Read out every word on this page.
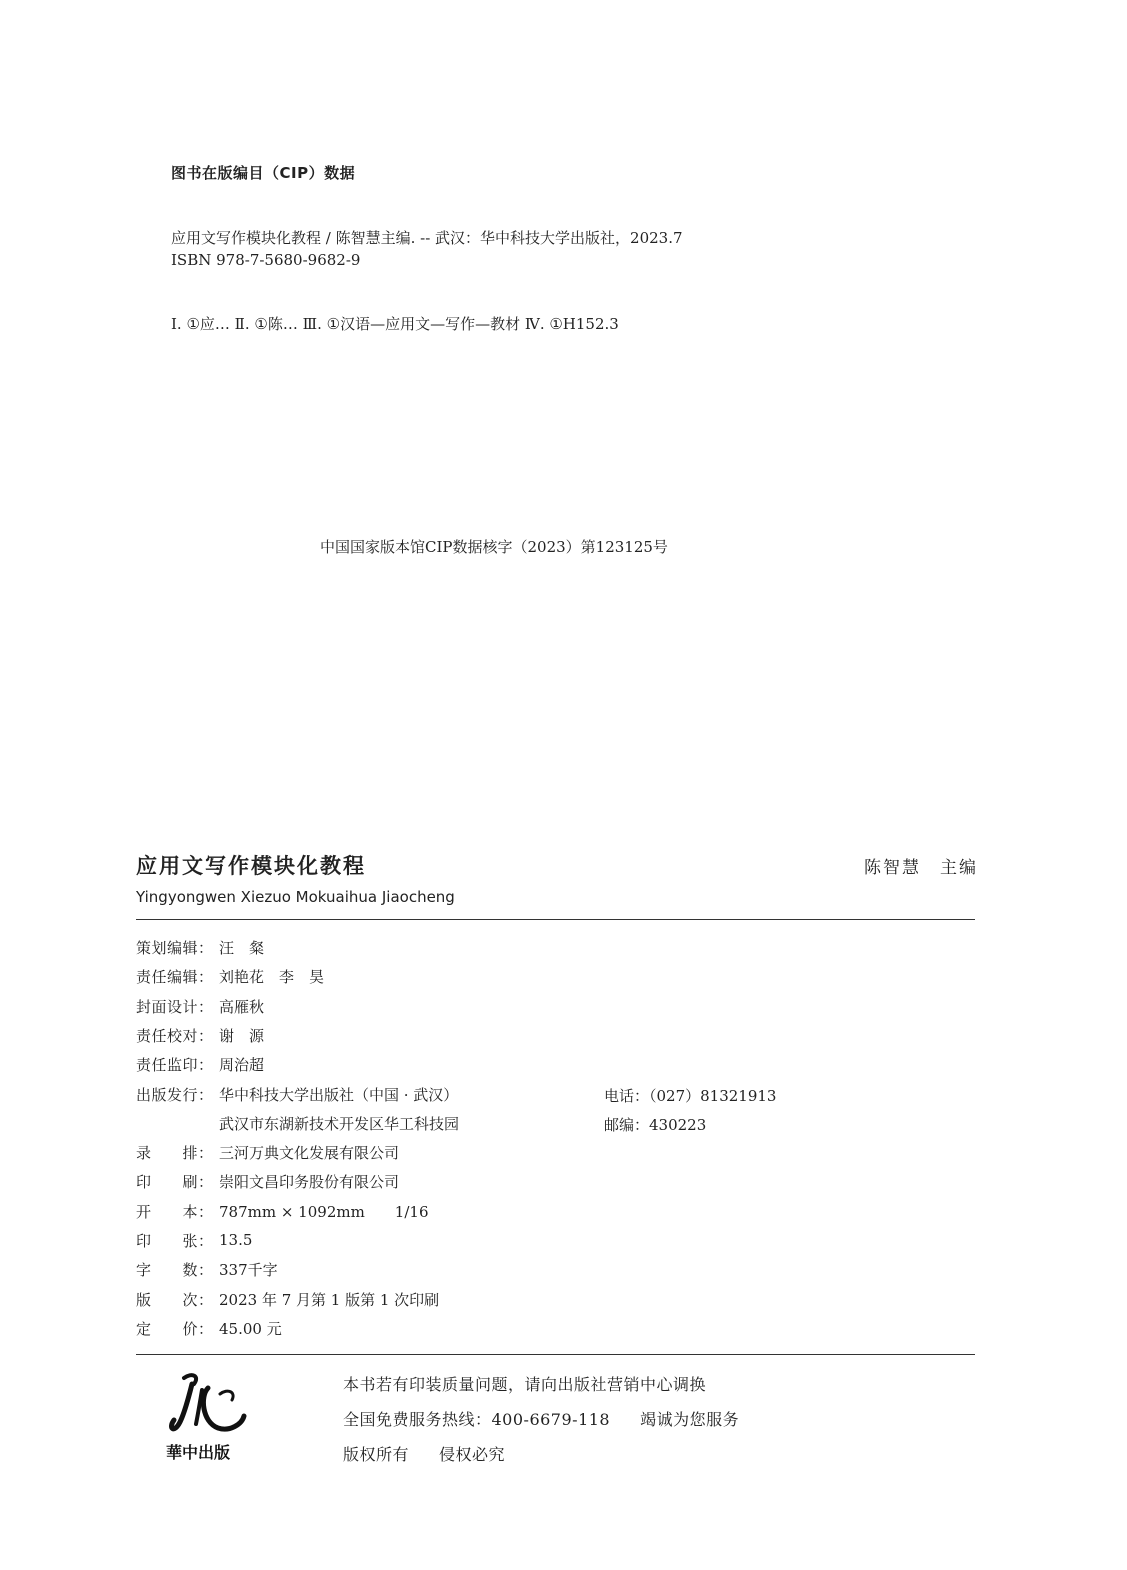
图书在版编目（CIP）数据
应用文写作模块化教程 / 陈智慧主编. -- 武汉：华中科技大学出版社，2023.7
ISBN 978-7-5680-9682-9
Ⅰ. ①应… Ⅱ. ①陈… Ⅲ. ①汉语—应用文—写作—教材 Ⅳ. ①H152.3
中国国家版本馆CIP数据核字（2023）第123125号
应用文写作模块化教程
Yingyongwen Xiezuo Mokuaihua Jiaocheng
陈智慧　主编
策划编辑： 汪　粲
责任编辑： 刘艳花　李　昊
封面设计： 高雁秋
责任校对： 谢　源
责任监印： 周治超
出版发行： 华中科技大学出版社（中国 · 武汉）
武汉市东湖新技术开发区华工科技园
录　　排： 三河万典文化发展有限公司
印　　刷： 崇阳文昌印务股份有限公司
开　　本： 787mm × 1092mm　　1/16
印　　张： 13.5
字　　数： 337千字
版　　次： 2023 年 7 月第 1 版第 1 次印刷
定　　价： 45.00 元
电话：（027）81321913
邮编：430223
華中出版
本书若有印装质量问题，请向出版社营销中心调换
全国免费服务热线：400-6679-118 竭诚为您服务
版权所有 侵权必究
